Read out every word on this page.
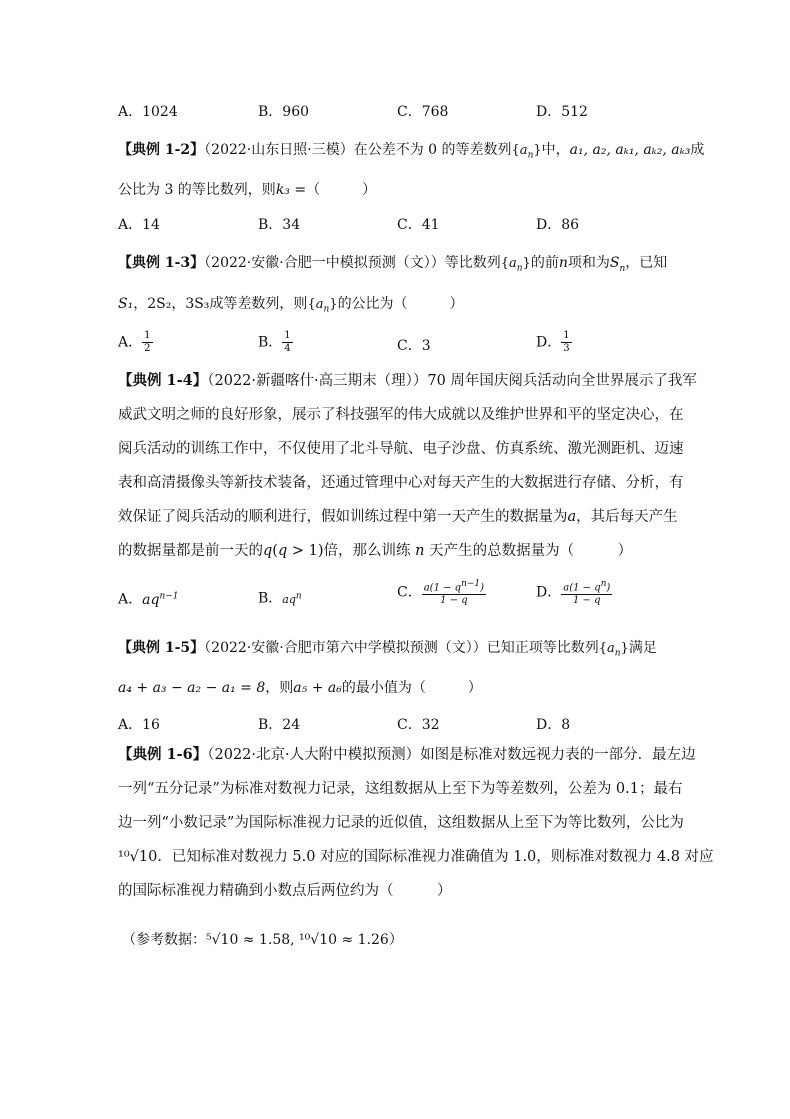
A．1024	B．960	C．768	D．512
【典例 1-2】（2022·山东日照·三模）在公差不为 0 的等差数列$\{a_n\}$中，a₁, a₂, aₖ₁, aₖ₂, aₖ₃成
公比为 3 的等比数列，则k₃ =（　　　）
A．14	B．34	C．41	D．86
【典例 1-3】（2022·安徽·合肥一中模拟预测（文））等比数列$\{a_n\}$的前n项和为$S_n$，已知
S₁，2S₂，3S₃成等差数列，则$\{a_n\}$的公比为（　　　）
A． $\frac{1}{2}$	B． $\frac{1}{4}$	C．3	D． $\frac{1}{3}$
【典例 1-4】（2022·新疆喀什·高三期末（理））70 周年国庆阅兵活动向全世界展示了我军
威武文明之师的良好形象，展示了科技强军的伟大成就以及维护世界和平的坚定决心，在
阅兵活动的训练工作中，不仅使用了北斗导航、电子沙盘、仿真系统、激光测距机、迈速
表和高清摄像头等新技术装备，还通过管理中心对每天产生的大数据进行存储、分析，有
效保证了阅兵活动的顺利进行，假如训练过程中第一天产生的数据量为a，其后每天产生
的数据量都是前一天的q(q > 1)倍，那么训练 n 天产生的总数据量为（　　　）
A．$aq^{n-1}$	B．$aq^n$	C． $\frac{a(1 - q^{n-1})}{1 - q}$	D． $\frac{a(1 - q^n)}{1 - q}$
【典例 1-5】（2022·安徽·合肥市第六中学模拟预测（文））已知正项等比数列$\{a_n\}$满足
a₄ + a₃ − a₂ − a₁ = 8，则a₅ + a₆的最小值为（　　　）
A．16	B．24	C．32	D．8
【典例 1-6】（2022·北京·人大附中模拟预测）如图是标准对数远视力表的一部分．最左边
一列“五分记录”为标准对数视力记录，这组数据从上至下为等差数列，公差为 0.1；最右
边一列“小数记录”为国际标准视力记录的近似值，这组数据从上至下为等比数列，公比为
¹⁰√10．已知标准对数视力 5.0 对应的国际标准视力准确值为 1.0，则标准对数视力 4.8 对应
的国际标准视力精确到小数点后两位约为（　　　）
（参考数据：⁵√10 ≈ 1.58, ¹⁰√10 ≈ 1.26）
